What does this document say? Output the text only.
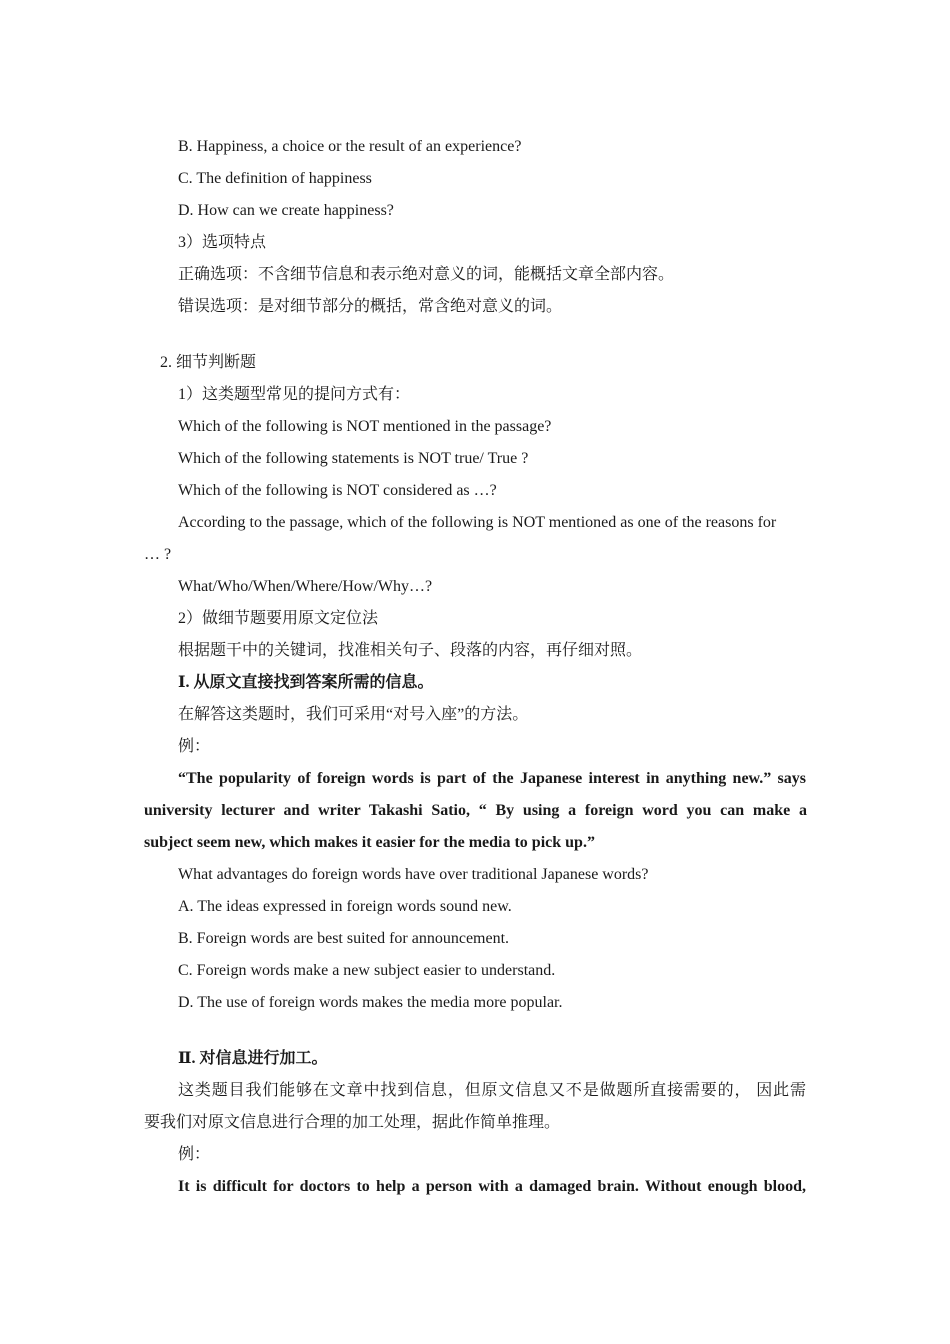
B. Happiness, a choice or the result of an experience?
C. The definition of happiness
D. How can we create happiness?
3）选项特点
正确选项：不含细节信息和表示绝对意义的词，能概括文章全部内容。
错误选项：是对细节部分的概括，常含绝对意义的词。
2. 细节判断题
1）这类题型常见的提问方式有：
Which of the following is NOT mentioned in the passage?
Which of the following statements is NOT true/ True ?
Which of the following is NOT considered as …?
According to the passage, which of the following is NOT mentioned as one of the reasons for
… ?
What/Who/When/Where/How/Why…?
2）做细节题要用原文定位法
根据题干中的关键词，找准相关句子、段落的内容，再仔细对照。
Ⅰ. 从原文直接找到答案所需的信息。
在解答这类题时，我们可采用“对号入座”的方法。
例：
“The popularity of foreign words is part of the Japanese interest in anything new.” says
university lecturer and writer Takashi Satio, “ By using a foreign word you can make a
subject seem new, which makes it easier for the media to pick up.”
What advantages do foreign words have over traditional Japanese words?
A. The ideas expressed in foreign words sound new.
B. Foreign words are best suited for announcement.
C. Foreign words make a new subject easier to understand.
D. The use of foreign words makes the media more popular.
Ⅱ. 对信息进行加工。
这类题目我们能够在文章中找到信息，但原文信息又不是做题所直接需要的， 因此需
要我们对原文信息进行合理的加工处理，据此作简单推理。
例：
It is difficult for doctors to help a person with a damaged brain. Without enough blood,
